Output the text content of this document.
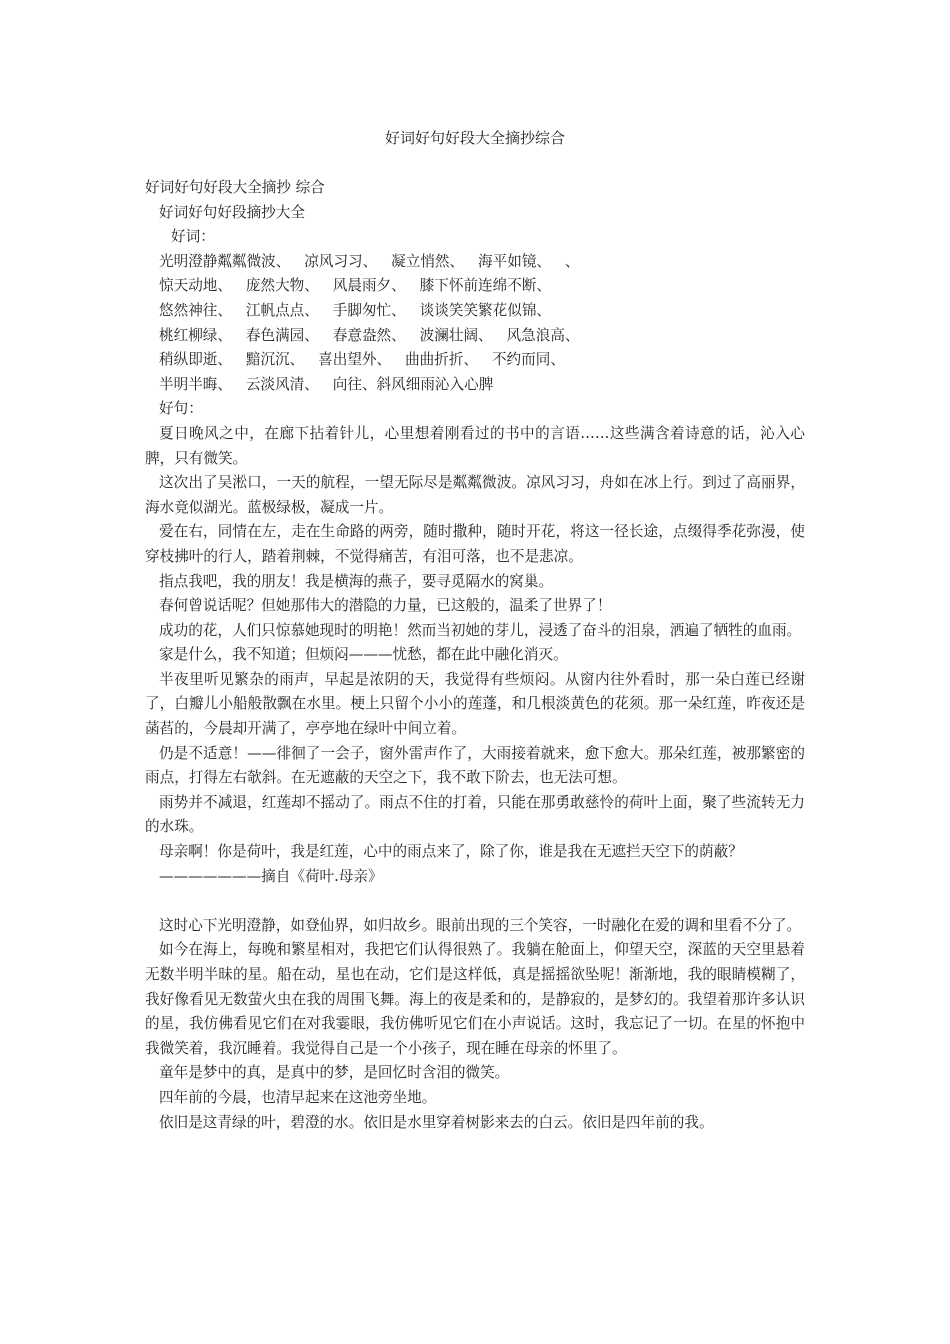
好词好句好段大全摘抄综合

好词好句好段大全摘抄 综合

好词好句好段摘抄大全

好词：

光明澄静粼粼微波、   凉风习习、   凝立悄然、   海平如镜、   、

惊天动地、   庞然大物、   风晨雨夕、   膝下怀前连绵不断、

悠然神往、   江帆点点、   手脚匆忙、   谈谈笑笑繁花似锦、

桃红柳绿、   春色满园、   春意盎然、   波澜壮阔、   风急浪高、

稍纵即逝、   黯沉沉、   喜出望外、   曲曲折折、   不约而同、

半明半晦、   云淡风清、   向往、斜风细雨沁入心脾

好句：

夏日晚风之中，在廊下拈着针儿，心里想着刚看过的书中的言语……这些满含着诗意的话，沁入心脾，只有微笑。

这次出了吴淞口，一天的航程，一望无际尽是粼粼微波。凉风习习，舟如在冰上行。到过了高丽界，海水竟似湖光。蓝极绿极，凝成一片。

爱在右，同情在左，走在生命路的两旁，随时撒种，随时开花，将这一径长途，点缀得季花弥漫，使穿枝拂叶的行人，踏着荆棘，不觉得痛苦，有泪可落，也不是悲凉。

指点我吧，我的朋友！我是横海的燕子，要寻觅隔水的窝巢。

春何曾说话呢？但她那伟大的潜隐的力量，已这般的，温柔了世界了！

成功的花，人们只惊慕她现时的明艳！然而当初她的芽儿，浸透了奋斗的泪泉，洒遍了牺牲的血雨。

家是什么，我不知道；但烦闷———忧愁，都在此中融化消灭。

半夜里听见繁杂的雨声，早起是浓阴的天，我觉得有些烦闷。从窗内往外看时，那一朵白莲已经谢了，白瓣儿小船般散飘在水里。梗上只留个小小的莲蓬，和几根淡黄色的花须。那一朵红莲，昨夜还是菡萏的，今晨却开满了，亭亭地在绿叶中间立着。

仍是不适意！——徘徊了一会子，窗外雷声作了，大雨接着就来，愈下愈大。那朵红莲，被那繁密的雨点，打得左右欹斜。在无遮蔽的天空之下，我不敢下阶去，也无法可想。

雨势并不减退，红莲却不摇动了。雨点不住的打着，只能在那勇敢慈怜的荷叶上面，聚了些流转无力的水珠。

母亲啊！你是荷叶，我是红莲，心中的雨点来了，除了你，谁是我在无遮拦天空下的荫蔽？

———————摘自《荷叶.母亲》

这时心下光明澄静，如登仙界，如归故乡。眼前出现的三个笑容，一时融化在爱的调和里看不分了。

如今在海上，每晚和繁星相对，我把它们认得很熟了。我躺在舱面上，仰望天空，深蓝的天空里悬着无数半明半昧的星。船在动，星也在动，它们是这样低，真是摇摇欲坠呢！渐渐地，我的眼睛模糊了，我好像看见无数萤火虫在我的周围飞舞。海上的夜是柔和的，是静寂的，是梦幻的。我望着那许多认识的星，我仿佛看见它们在对我霎眼，我仿佛听见它们在小声说话。这时，我忘记了一切。在星的怀抱中我微笑着，我沉睡着。我觉得自己是一个小孩子，现在睡在母亲的怀里了。

童年是梦中的真，是真中的梦，是回忆时含泪的微笑。

四年前的今晨，也清早起来在这池旁坐地。

依旧是这青绿的叶，碧澄的水。依旧是水里穿着树影来去的白云。依旧是四年前的我。
